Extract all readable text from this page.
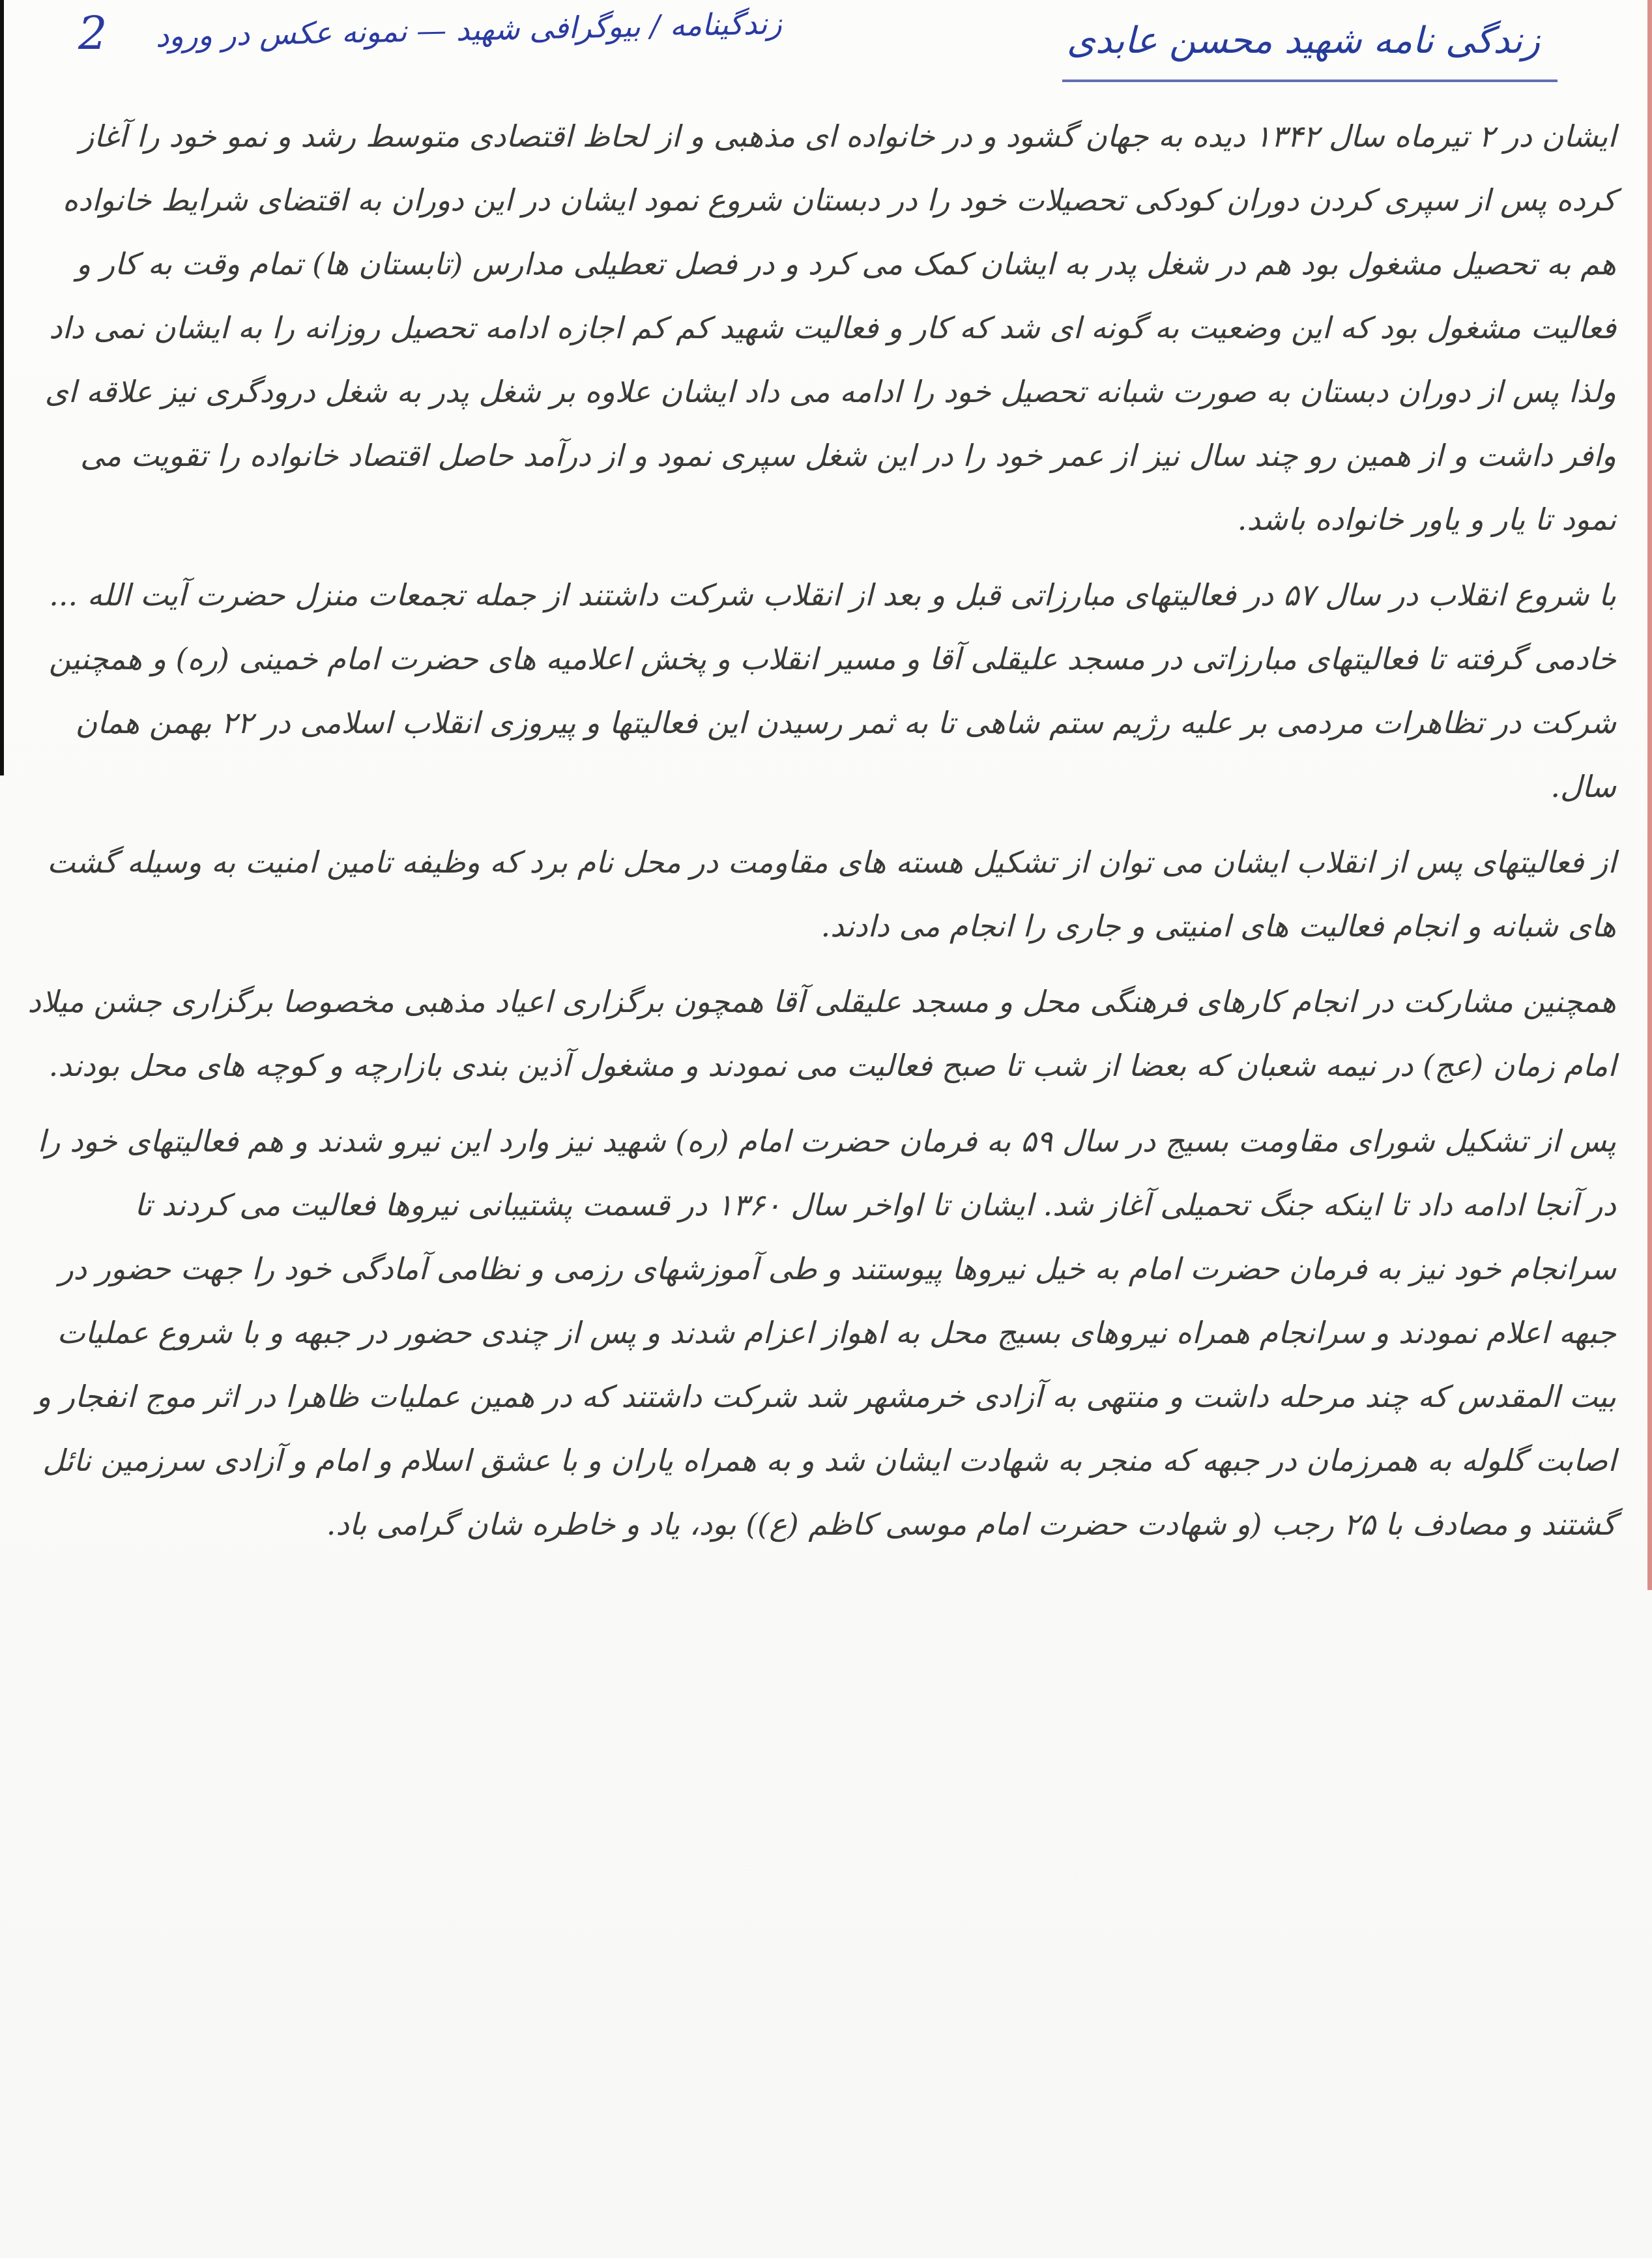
2	زندگینامه / بیوگرافی شهید — نمونه عکس در ورود	زندگی نامه شهید محسن عابدی

ایشان در ۲ تیرماه سال ۱۳۴۲ دیده به جهان گشود و در خانواده ای مذهبی و از لحاظ اقتصادی متوسط رشد و نمو خود را آغاز کرده پس از سپری کردن دوران کودکی تحصیلات خود را در دبستان شروع نمود ایشان در این دوران به اقتضای شرایط خانواده هم به تحصیل مشغول بود هم در شغل پدر به ایشان کمک می کرد و در فصل تعطیلی مدارس (تابستان ها) تمام وقت به کار و فعالیت مشغول بود که این وضعیت به گونه ای شد که کار و فعالیت شهید کم کم اجازه ادامه تحصیل روزانه را به ایشان نمی داد ولذا پس از دوران دبستان به صورت شبانه تحصیل خود را ادامه می داد ایشان علاوه بر شغل پدر به شغل درودگری نیز علاقه ای وافر داشت و از همین رو چند سال نیز از عمر خود را در این شغل سپری نمود و از درآمد حاصل اقتصاد خانواده را تقویت می نمود تا یار و یاور خانواده باشد.

با شروع انقلاب در سال ۵۷ در فعالیتهای مبارزاتی قبل و بعد از انقلاب شرکت داشتند از جمله تجمعات منزل حضرت آیت الله ... خادمی گرفته تا فعالیتهای مبارزاتی در مسجد علیقلی آقا و مسیر انقلاب و پخش اعلامیه های حضرت امام خمینی (ره) و همچنین شرکت در تظاهرات مردمی بر علیه رژیم ستم شاهی تا به ثمر رسیدن این فعالیتها و پیروزی انقلاب اسلامی در ۲۲ بهمن همان سال.

از فعالیتهای پس از انقلاب ایشان می توان از تشکیل هسته های مقاومت در محل نام برد که وظیفه تامین امنیت به وسیله گشت های شبانه و انجام فعالیت های امنیتی و جاری را انجام می دادند.

همچنین مشارکت در انجام کارهای فرهنگی محل و مسجد علیقلی آقا همچون برگزاری اعیاد مذهبی مخصوصا برگزاری جشن میلاد امام زمان (عج) در نیمه شعبان که بعضا از شب تا صبح فعالیت می نمودند و مشغول آذین بندی بازارچه و کوچه های محل بودند.

پس از تشکیل شورای مقاومت بسیج در سال ۵۹ به فرمان حضرت امام (ره) شهید نیز وارد این نیرو شدند و هم فعالیتهای خود را در آنجا ادامه داد تا اینکه جنگ تحمیلی آغاز شد. ایشان تا اواخر سال ۱۳۶۰ در قسمت پشتیبانی نیروها فعالیت می کردند تا سرانجام خود نیز به فرمان حضرت امام به خیل نیروها پیوستند و طی آموزشهای رزمی و نظامی آمادگی خود را جهت حضور در جبهه اعلام نمودند و سرانجام همراه نیروهای بسیج محل به اهواز اعزام شدند و پس از چندی حضور در جبهه و با شروع عملیات بیت المقدس که چند مرحله داشت و منتهی به آزادی خرمشهر شد شرکت داشتند که در همین عملیات ظاهرا در اثر موج انفجار و اصابت گلوله به همرزمان در جبهه که منجر به شهادت ایشان شد و به همراه یاران و با عشق اسلام و امام و آزادی سرزمین نائل گشتند و مصادف با ۲۵ رجب (و شهادت حضرت امام موسی کاظم (ع)) بود، یاد و خاطره شان گرامی باد.
